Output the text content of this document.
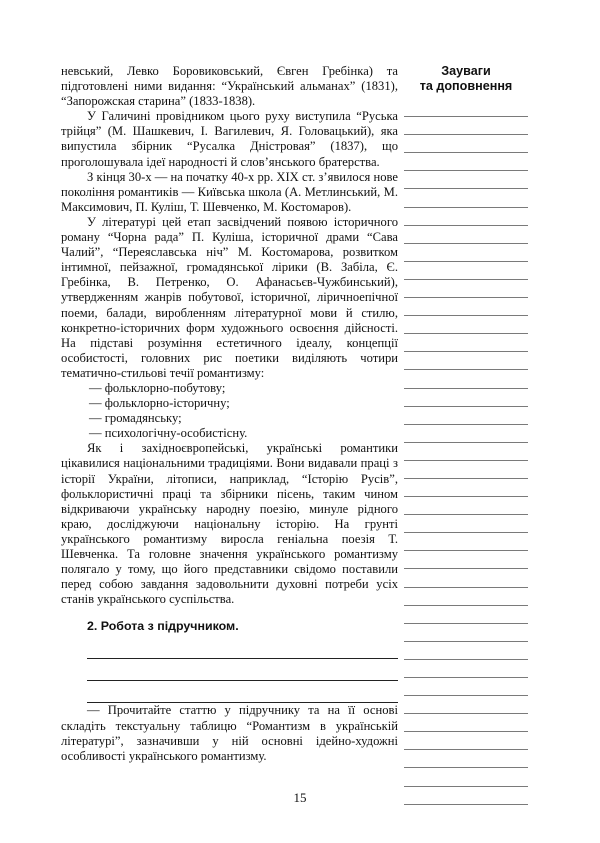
невський, Левко Боровиковський, Євген Гребінка) та підготовлені ними видання: “Український альманах” (1831), “Запорожская старина” (1833-1838).

У Галичині провідником цього руху виступила “Руська трійця” (М. Шашкевич, І. Вагилевич, Я. Головацький), яка випустила збірник “Русалка Дністровая” (1837), що проголошувала ідеї народності й слов’янського братерства.

З кінця 30-х — на початку 40-х рр. XIX ст. з’явилося нове покоління романтиків — Київська школа (А. Метлинський, М. Максимович, П. Куліш, Т. Шевченко, М. Костомаров).

У літературі цей етап засвідчений появою історичного роману “Чорна рада” П. Куліша, історичної драми “Сава Чалий”, “Переяславська ніч” М. Костомарова, розвитком інтимної, пейзажної, громадянської лірики (В. Забіла, Є. Гребінка, В. Петренко, О. Афанасьєв-Чужбинський), утвердженням жанрів побутової, історичної, ліричноепічної поеми, балади, виробленням літературної мови й стилю, конкретно-історичних форм художнього освоєння дійсності. На підставі розуміння естетичного ідеалу, концепції особистості, головних рис поетики виділяють чотири тематично-стильові течії романтизму:

— фольклорно-побутову;

— фольклорно-історичну;

— громадянську;

— психологічну-особистісну.

Як і західноєвропейські, українські романтики цікавилися національними традиціями. Вони видавали праці з історії України, літописи, наприклад, “Історію Русів”, фольклористичні праці та збірники пісень, таким чином відкриваючи українську народну поезію, минуле рідного краю, досліджуючи національну історію. На грунті українського романтизму виросла геніальна поезія Т. Шевченка. Та головне значення українського романтизму полягало у тому, що його представники свідомо поставили перед собою завдання задовольнити духовні потреби усіх станів українського суспільства.

2. Робота з підручником.

— Прочитайте статтю у підручнику та на її основі складіть текстуальну таблицю “Романтизм в українській літературі”, зазначивши у ній основні ідейно-художні особливості українського романтизму.

Зауваги
та доповнення
15
